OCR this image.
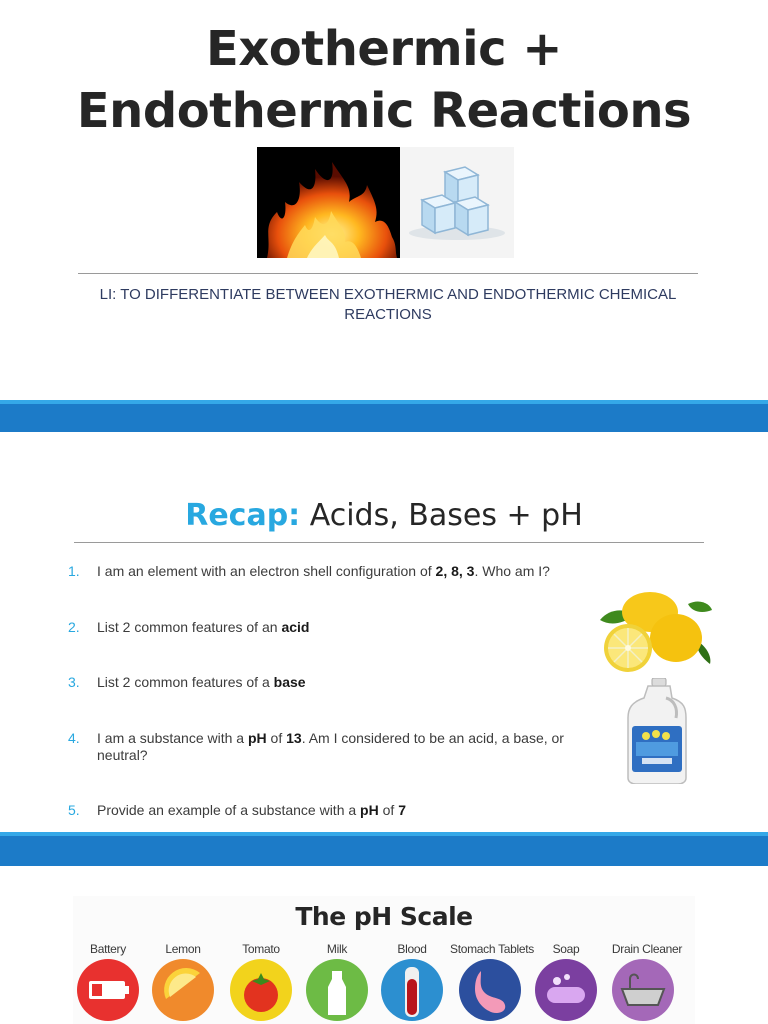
Exothermic +
Endothermic Reactions
LI: TO DIFFERENTIATE BETWEEN EXOTHERMIC AND ENDOTHERMIC CHEMICAL
REACTIONS
Recap: Acids, Bases + pH
1. I am an element with an electron shell configuration of 2, 8, 3. Who am I?
2. List 2 common features of an acid
3. List 2 common features of a base
4. I am a substance with a pH of 13. Am I considered to be an acid, a base, or neutral?
5. Provide an example of a substance with a pH of 7
The pH Scale
Battery	Lemon	Tomato	Milk	Blood	Stomach Tablets	Soap	Drain Cleaner
